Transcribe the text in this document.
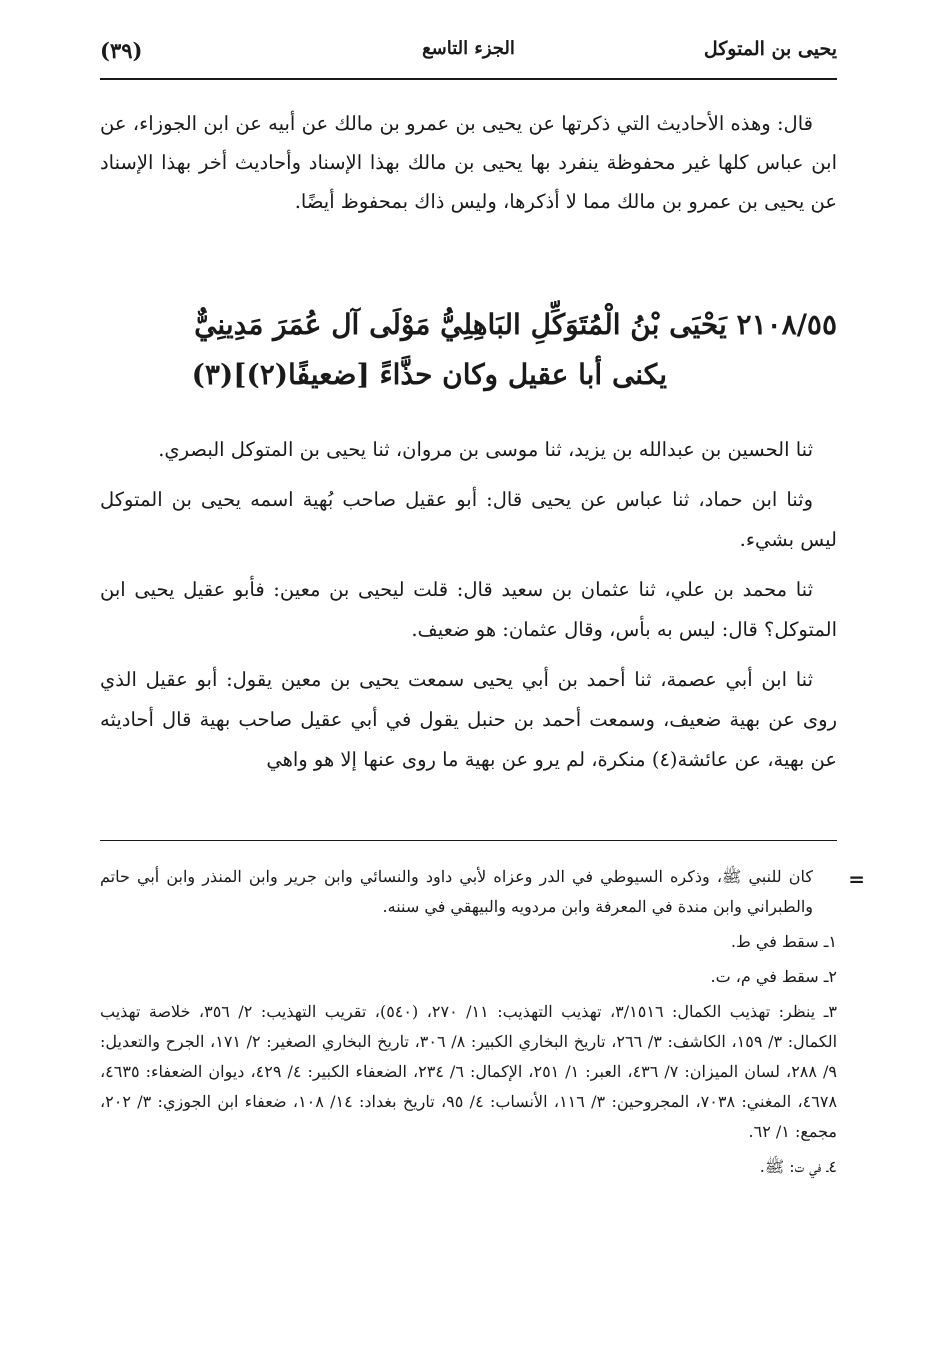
يحيى بن المتوكل
الجزء التاسع
(٣٩)

قال: وهذه الأحاديث التي ذكرتها عن يحيى بن عمرو بن مالك عن أبيه عن ابن الجوزاء، عن ابن عباس كلها غير محفوظة ينفرد بها يحيى بن مالك بهذا الإسناد وأحاديث أخر بهذا الإسناد عن يحيى بن عمرو بن مالك مما لا أذكرها، وليس ذاك بمحفوظ أيضًا.

٢١٠٨/٥٥ يَحْيَى بْنُ الْمُتَوَكِّلِ البَاهِلِيُّ مَوْلَى آل عُمَرَ مَدِينِيٌّ
يكنى أبا عقيل وكان حذَّاءً [ضعيفًا(٢)](٣)

ثنا الحسين بن عبدالله بن يزيد، ثنا موسى بن مروان، ثنا يحيى بن المتوكل البصري.

وثنا ابن حماد، ثنا عباس عن يحيى قال: أبو عقيل صاحب بُهية اسمه يحيى بن المتوكل ليس بشيء.

ثنا محمد بن علي، ثنا عثمان بن سعيد قال: قلت ليحيى بن معين: فأبو عقيل يحيى ابن المتوكل؟ قال: ليس به بأس، وقال عثمان: هو ضعيف.

ثنا ابن أبي عصمة، ثنا أحمد بن أبي يحيى سمعت يحيى بن معين يقول: أبو عقيل الذي روى عن بهية ضعيف، وسمعت أحمد بن حنبل يقول في أبي عقيل صاحب بهية قال أحاديثه عن بهية، عن عائشة(٤) منكرة، لم يرو عن بهية ما روى عنها إلا هو واهي

=
كان للنبي ﷺ، وذكره السيوطي في الدر وعزاه لأبي داود والنسائي وابن جرير وابن المنذر وابن أبي حاتم والطبراني وابن مندة في المعرفة وابن مردويه والبيهقي في سننه.
١ـ سقط في ط.
٢ـ سقط في م، ت.
٣ـ ينظر: تهذيب الكمال: ٣/١٥١٦، تهذيب التهذيب: ١١/ ٢٧٠، (٥٤٠)، تقريب التهذيب: ٢/ ٣٥٦، خلاصة تهذيب الكمال: ٣/ ١٥٩، الكاشف: ٣/ ٢٦٦، تاريخ البخاري الكبير: ٨/ ٣٠٦، تاريخ البخاري الصغير: ٢/ ١٧١، الجرح والتعديل: ٩/ ٢٨٨، لسان الميزان: ٧/ ٤٣٦، العبر: ١/ ٢٥١، الإكمال: ٦/ ٢٣٤، الضعفاء الكبير: ٤/ ٤٢٩، ديوان الضعفاء: ٤٦٣٥، ٤٦٧٨، المغني: ٧٠٣٨، المجروحين: ٣/ ١١٦، الأنساب: ٤/ ٩٥، تاريخ بغداد: ١٤/ ١٠٨، ضعفاء ابن الجوزي: ٣/ ٢٠٢، مجمع: ١/ ٦٢.
٤ـ في ت: ﷺ.
